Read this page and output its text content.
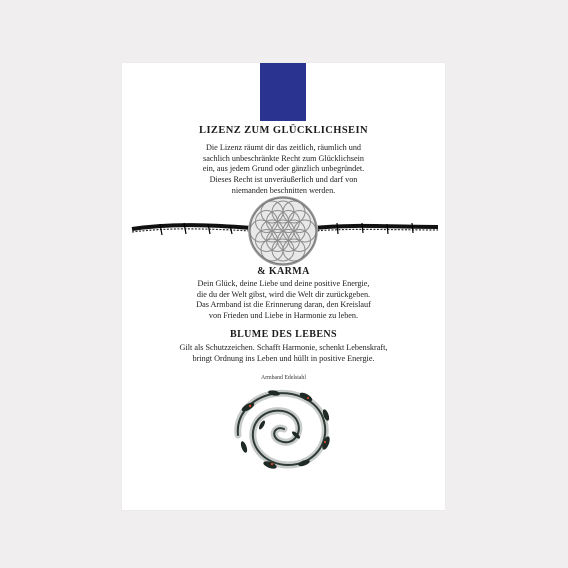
LIZENZ ZUM GLÜCKLICHSEIN
Die Lizenz räumt dir das zeitlich, räumlich und
sachlich unbeschränkte Recht zum Glücklichsein
ein, aus jedem Grund oder gänzlich unbegründet.
Dieses Recht ist unveräußerlich und darf von
niemanden beschnitten werden.
& KARMA
Dein Glück, deine Liebe und deine positive Energie,
die du der Welt gibst, wird die Welt dir zurückgeben.
Das Armband ist die Erinnerung daran, den Kreislauf
von Frieden und Liebe in Harmonie zu leben.
BLUME DES LEBENS
Gilt als Schutzzeichen. Schafft Harmonie, schenkt Lebenskraft,
bringt Ordnung ins Leben und hüllt in positive Energie.
Armband Edelstahl
